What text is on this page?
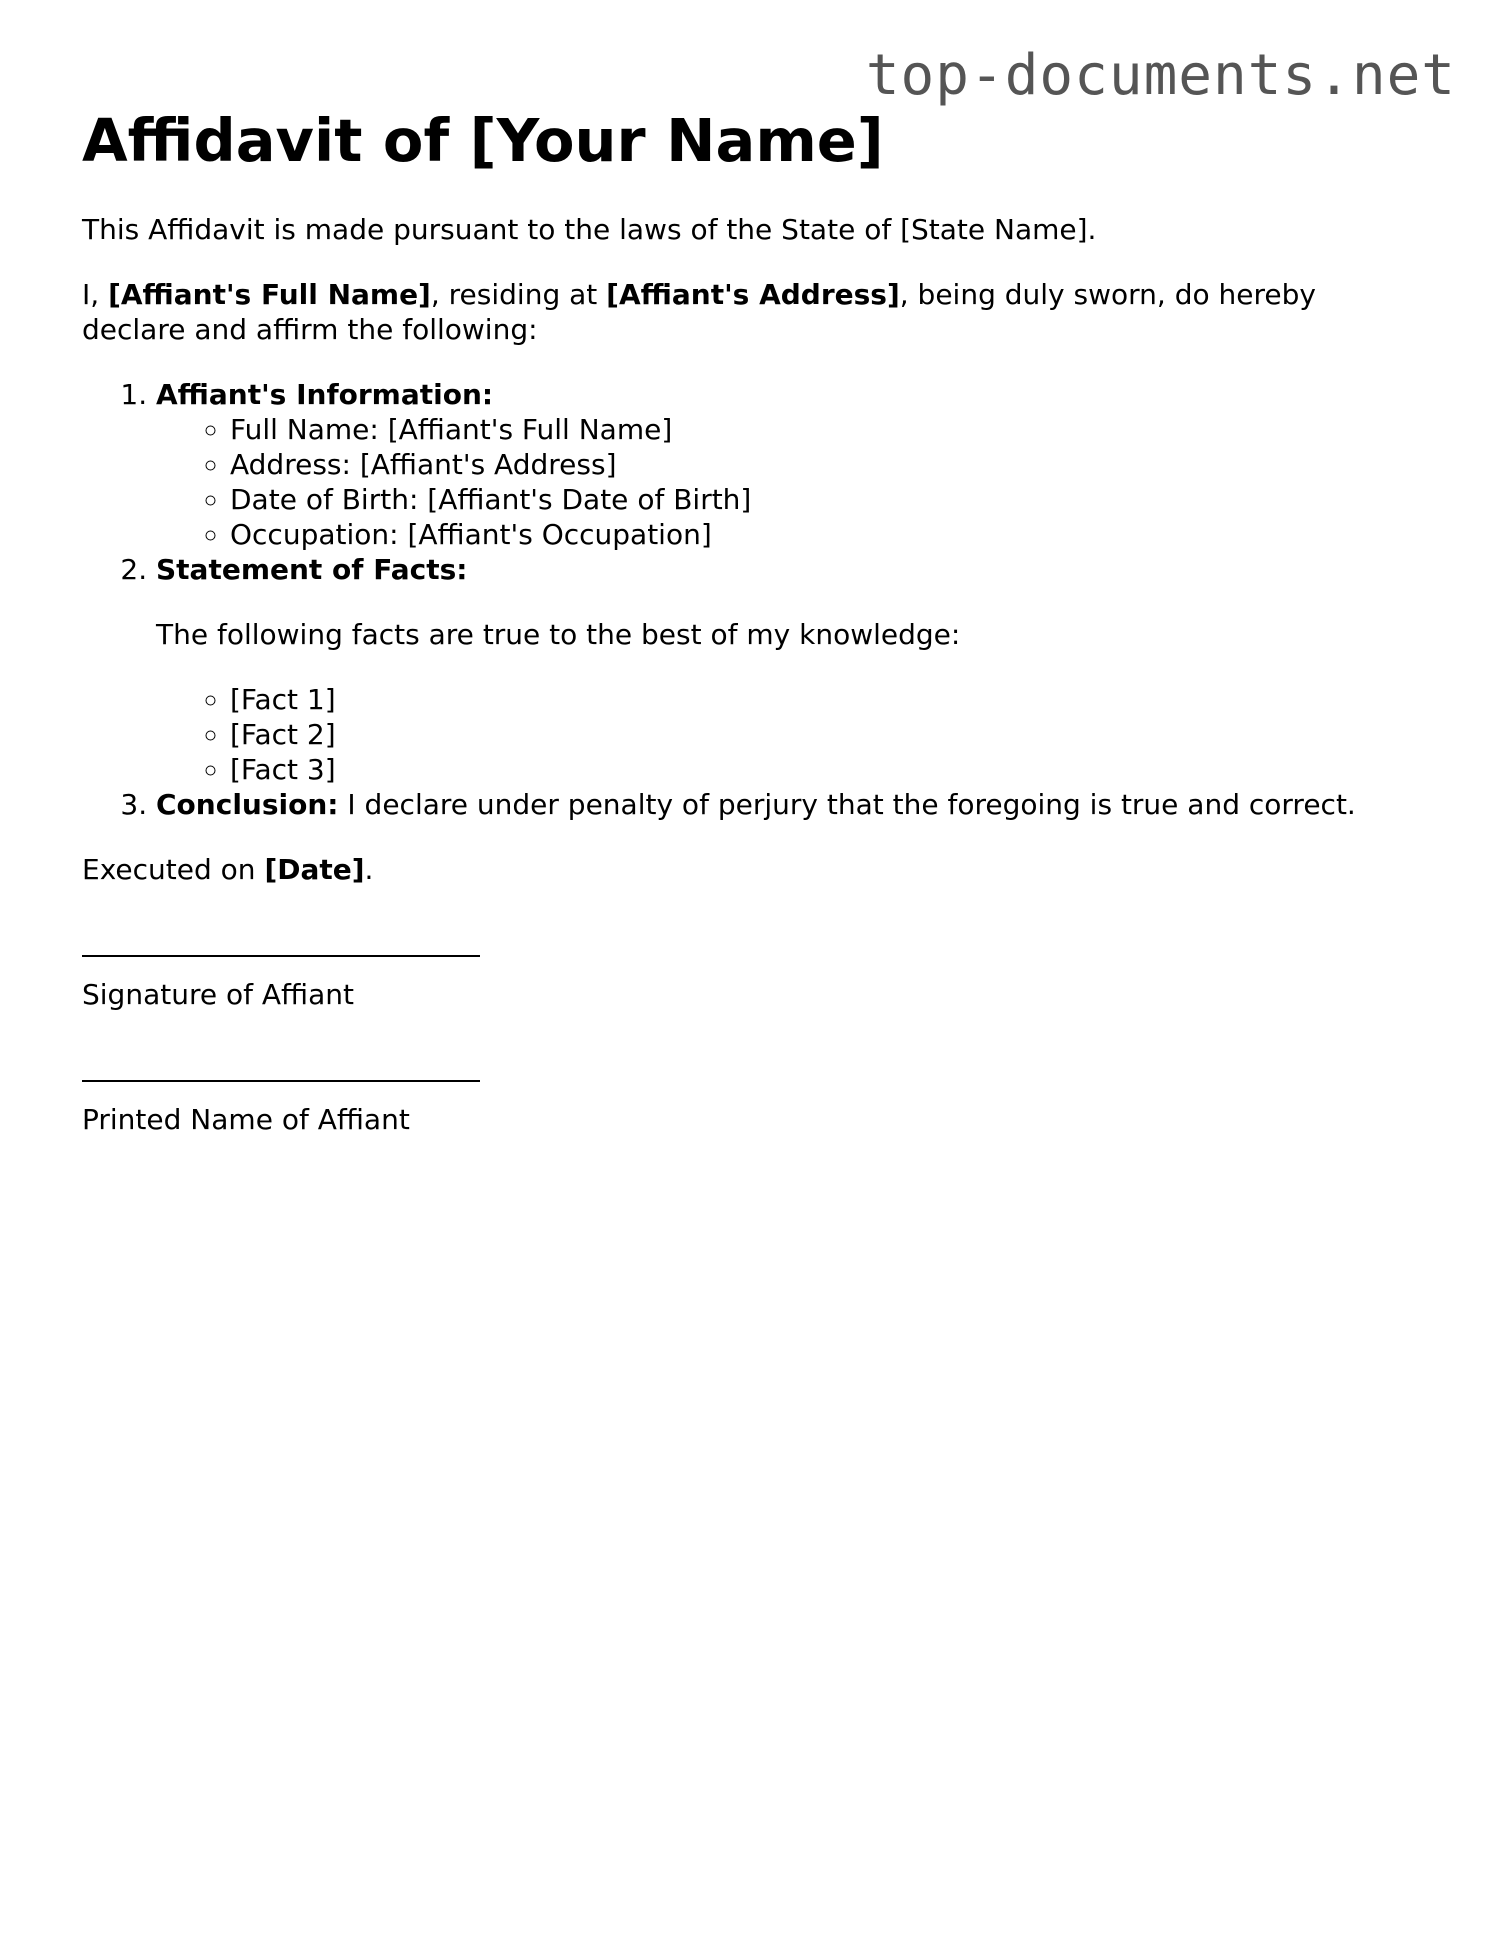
top-documents.net
Affidavit of [Your Name]

This Affidavit is made pursuant to the laws of the State of [State Name].

I, [Affiant's Full Name], residing at [Affiant's Address], being duly sworn, do hereby declare and affirm the following:

1. Affiant's Information:
◦ Full Name: [Affiant's Full Name]
◦ Address: [Affiant's Address]
◦ Date of Birth: [Affiant's Date of Birth]
◦ Occupation: [Affiant's Occupation]
2. Statement of Facts:

The following facts are true to the best of my knowledge:

◦ [Fact 1]
◦ [Fact 2]
◦ [Fact 3]
3. Conclusion: I declare under penalty of perjury that the foregoing is true and correct.

Executed on [Date].

Signature of Affiant

Printed Name of Affiant
